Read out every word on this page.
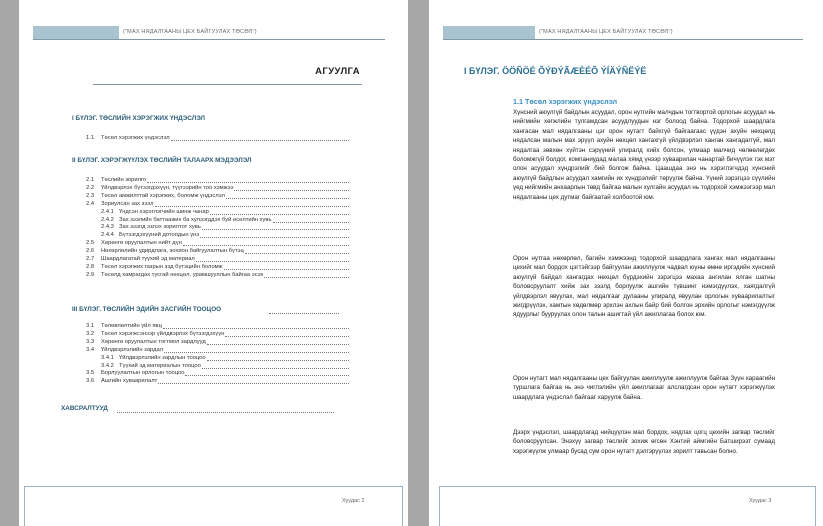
("МАХ НЯДАЛГААНЫ ЦЕХ БАЙГУУЛАХ ТӨСӨЛ")
АГУУЛГА
I БҮЛЭГ. ТӨСЛИЙН ХЭРЭГЖИХ ҮНДЭСЛЭЛ
1.1 Төсөл хэрэгжих үндэслэл
II БҮЛЭГ. ХЭРЭГЖҮҮЛЭХ ТӨСЛИЙН ТАЛААРХ МЭДЭЭЛЭЛ
2.1 Төслийн зорилго
2.2 Үйлдвэрлэх бүтээгдэхүүн, түүгээрийн тоо хэмжээ
2.3 Төсөл амжилттай хэрэгжих, боломж үндэслэл
2.4 Зориулсан зах зээл
2.4.1 Үндсэн хэрэглэгчийн шинж чанар
2.4.2 Зах зээлийн баттаажих ба хулээгддэх буй өсөлтийн хувь
2.4.3 Зах зээлд эзлэх зорилтот хувь
2.4.4 Бүтээгдэхүүний дотоодын үнэ
2.5 Хөрөнгө оруулалтын нийт дүн
2.6 Нөхөрлөлийн удирдлага, зохион байгуулалтын бүтэц
2.7 Шаардлагатай түүхий эд материал
2.8 Төсөл хэрэгжих газрын зэд бүтэцийн боломж
2.9 Төсөлд хамрагдах тусгай нөхцөл, урамшууллын байгаа эсэх
III БҮЛЭГ. ТӨСЛИЙН ЭДИЙН ЗАСГИЙН ТООЦОО
3.1 Төлөвлөлтийн үйл явц
3.2 Төсөл хэрэгжсэнээр үйлдвэрлэх бүтээгдэхүүн
3.3 Хөрөнгө оруулалтын тогтмол зардлууд
3.4 Үйлдвэрлэлийн зардал
3.4.1 Үйлдвэрлэлийн зардлын тооцоо
3.4.2 Түүхий эд материалын тооцоо
3.5 Борлуулалтын орлогын тооцоо
3.6 Ашгийн хуваарилалт
ХАВСРАЛТУУД
Хуудас 2
("МАХ НЯДАЛГААНЫ ЦЕХ БАЙГУУЛАХ ТӨСӨЛ")
I БҮЛЭГ. ÖÖÑÖÉ ÕÝÐÝÃÆÈÉÕ ÝÍÄÝÑËÝË
1.1 Төсөл хэрэгжих үндэслэл

Хүнсний аюулгүй байдлын асуудал, орон нутгийн малчдын тогтвортой орлогын асуудал нь нийгмийн хөгжлийн тулгамдсан асуудлуудын нэг болоод байна. Тодорхой шаардлага хангасан мал нядалгааны цэг орон нутагт байхгүй байгаагаас үүдэн ахуйн нөхцөлд нядалсан малын мах эрүүл ахуйн нөхцөл хангахгүй үйлдвэрлэл ханган хангадаггүй, мал нядалгаа зөвхөн хүйтэн сэрүүний улиралд хийх болсон, улмаар малчид чөлөөлөгдөх боломжгүй болдог, компаниудад малаа хямд үнээр хуваарилан чанартай бичүүлэх гэх мэт олон асуудал хүндрэлийг бий болгож байна. Цаашдаа энэ нь хэрэглэгчдэд хүнсний аюулгүй байдлын асуудал хамгийн их хүндрэлийг төрүүлж байна. Үүний зэрэгцээ сүүлийн үед нийгмийн анхаарлын төвд байгаа малын хулгайн асуудал нь тодорхой хэмжээгээр мал нядалгааны цех дутмаг байгаатай холбоотой юм.

Орон нутгаа нөхөрлөл, багийн хэмжээнд тодорхой шаардлага хангах мал нядалгааны цехийг мал бордох цэгтэйгээр байгуулан ажиллуулж чадвал юуны өмнө иргэдийн хүнсний аюулгүй байдал хангагдах нөхцөл бүрдэхийн зэрэгцээ махаа ангилан ялган шатны боловсруулалт хийж зах зээлд борлуулж ашгийн түвшинг нэмэгдүүлэх, хаягдалгүй үйлдвэрлэл явуулах, мал нядалгааг дулааны улиралд явуулан орлогын хуваарилалтыг жигдрүүлэх, хамтын хөдөлмөр эрхлэн ахлын байр бий болгон эрхийн орлогыг нэмэгдүүлж ядуурлыг бууруулах олон талын ашигтай үйл ажиллагаа болох юм.

Орон нутагт мал нядалгааны цех байгуулан ажиллуулж ажиллуулж байгаа Зүүн хараагийн туршлага байгаа нь энэ чиглэлийн үйл ажиллагааг алслагдсан орон нутагт хэрэгжүүлэх шаардлага үндэслэл байгааг харуулж байна.

Дээрх үндэслэл, шаардлагад нийцүүлэн мал бордох, нядлах цогц цехийн загвар төслийг боловсруулсан. Энэхүү загвар төслийг зохиж өгсөн Хэнтий аймгийн Батширээт сумаад хэрэгжүүлж улмаар бусад сум орон нутагт дэлгэрүүлэх зорилт тавьсан болно.

Хуудас 3
